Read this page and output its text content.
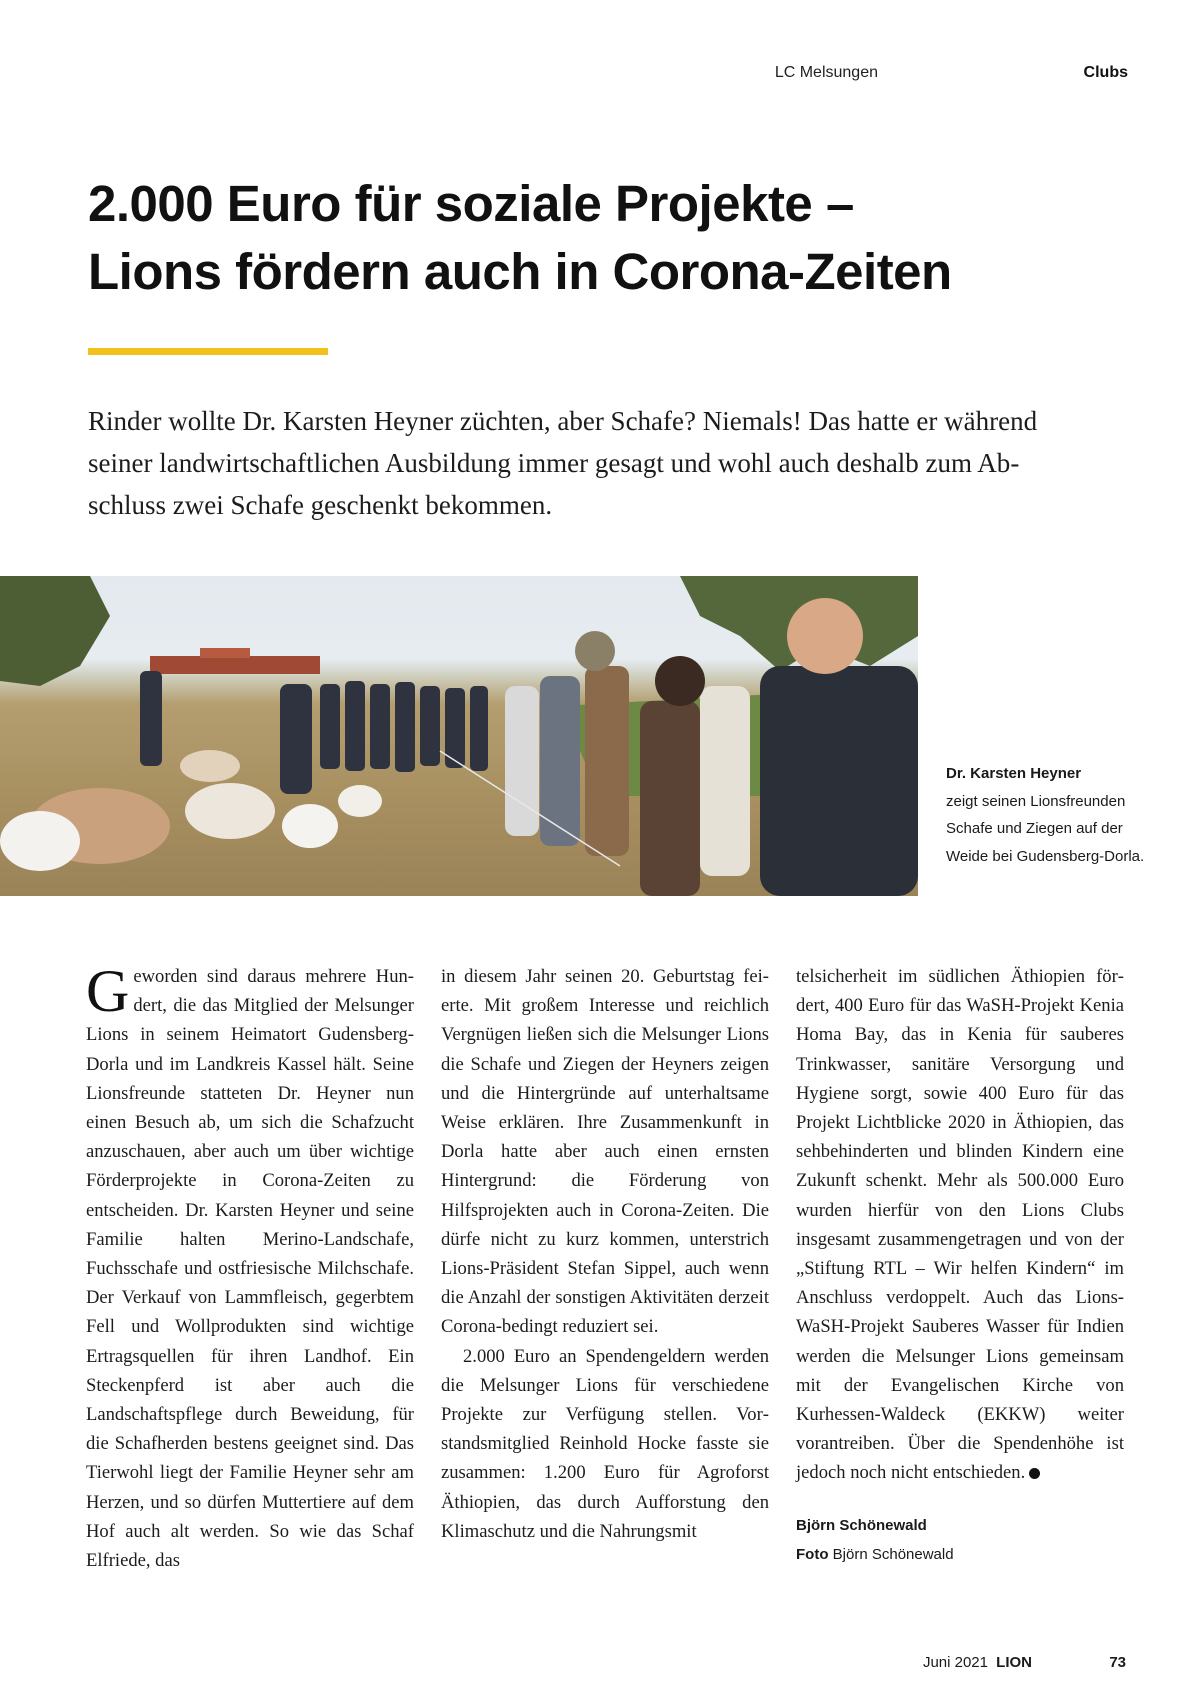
LC Melsungen	Clubs
2.000 Euro für soziale Projekte –
Lions fördern auch in Corona-Zeiten

Rinder wollte Dr. Karsten Heyner züchten, aber Schafe? Niemals! Das hatte er während seiner landwirtschaftlichen Ausbildung immer gesagt und wohl auch deshalb zum Abschluss zwei Schafe geschenkt bekommen.

Dr. Karsten Heyner
zeigt seinen Lionsfreunden Schafe und Ziegen auf der Weide bei Gudensberg-Dorla.

Geworden sind daraus mehrere Hundert, die das Mitglied der Melsunger Lions in seinem Heimatort Gudensberg-Dorla und im Landkreis Kassel hält. Seine Lionsfreunde statteten Dr. Heyner nun einen Besuch ab, um sich die Schafzucht anzuschauen, aber auch um über wichtige Förderprojekte in Corona-Zeiten zu entscheiden. Dr. Karsten Heyner und seine Familie halten Merino-Landschafe, Fuchsschafe und ostfriesische Milchschafe. Der Verkauf von Lammfleisch, gegerbtem Fell und Wollprodukten sind wichtige Ertragsquellen für ihren Landhof. Ein Steckenpferd ist aber auch die Landschaftspflege durch Beweidung, für die Schafherden bestens geeignet sind. Das Tierwohl liegt der Familie Heyner sehr am Herzen, und so dürfen Muttertiere auf dem Hof auch alt werden. So wie das Schaf Elfriede, das

in diesem Jahr seinen 20. Geburtstag feierte. Mit großem Interesse und reichlich Vergnügen ließen sich die Melsunger Lions die Schafe und Ziegen der Heyners zeigen und die Hintergründe auf unterhaltsame Weise erklären. Ihre Zusammenkunft in Dorla hatte aber auch einen ernsten Hintergrund: die Förderung von Hilfsprojekten auch in Corona-Zeiten. Die dürfe nicht zu kurz kommen, unterstrich Lions-Präsident Stefan Sippel, auch wenn die Anzahl der sonstigen Aktivitäten derzeit Corona-bedingt reduziert sei.

2.000 Euro an Spendengeldern werden die Melsunger Lions für verschiedene Projekte zur Verfügung stellen. Vorstandsmitglied Reinhold Hocke fasste sie zusammen: 1.200 Euro für Agroforst Äthiopien, das durch Aufforstung den Klimaschutz und die Nahrungsmit

telsicherheit im südlichen Äthiopien fördert, 400 Euro für das WaSH-Projekt Kenia Homa Bay, das in Kenia für sauberes Trinkwasser, sanitäre Versorgung und Hygiene sorgt, sowie 400 Euro für das Projekt Lichtblicke 2020 in Äthiopien, das sehbehinderten und blinden Kindern eine Zukunft schenkt. Mehr als 500.000 Euro wurden hierfür von den Lions Clubs insgesamt zusammengetragen und von der „Stiftung RTL – Wir helfen Kindern“ im Anschluss verdoppelt. Auch das Lions-WaSH-Projekt Sauberes Wasser für Indien werden die Melsunger Lions gemeinsam mit der Evangelischen Kirche von Kurhessen-Waldeck (EKKW) weiter vorantreiben. Über die Spendenhöhe ist jedoch noch nicht entschieden.

Björn Schönewald
Foto Björn Schönewald
Juni 2021 LION	73
